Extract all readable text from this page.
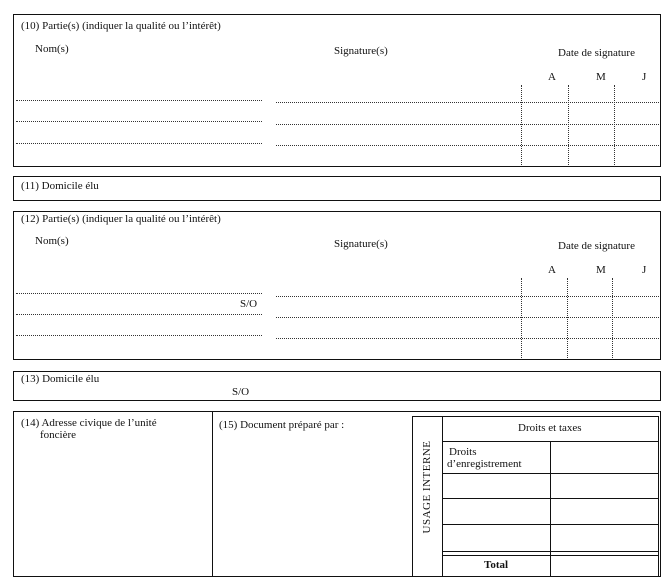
(10) Partie(s) (indiquer la qualité ou l’intérêt)
Nom(s)	Signature(s)	Date de signature
A	M	J
(11) Domicile élu
(12) Partie(s) (indiquer la qualité ou l’intérêt)
Nom(s)	Signature(s)	Date de signature
A	M	J
S/O
(13) Domicile élu
S/O
(14) Adresse civique de l’unité
foncière
(15) Document préparé par :
USAGE INTERNE
Droits et taxes
Droits
d’enregistrement
Total
